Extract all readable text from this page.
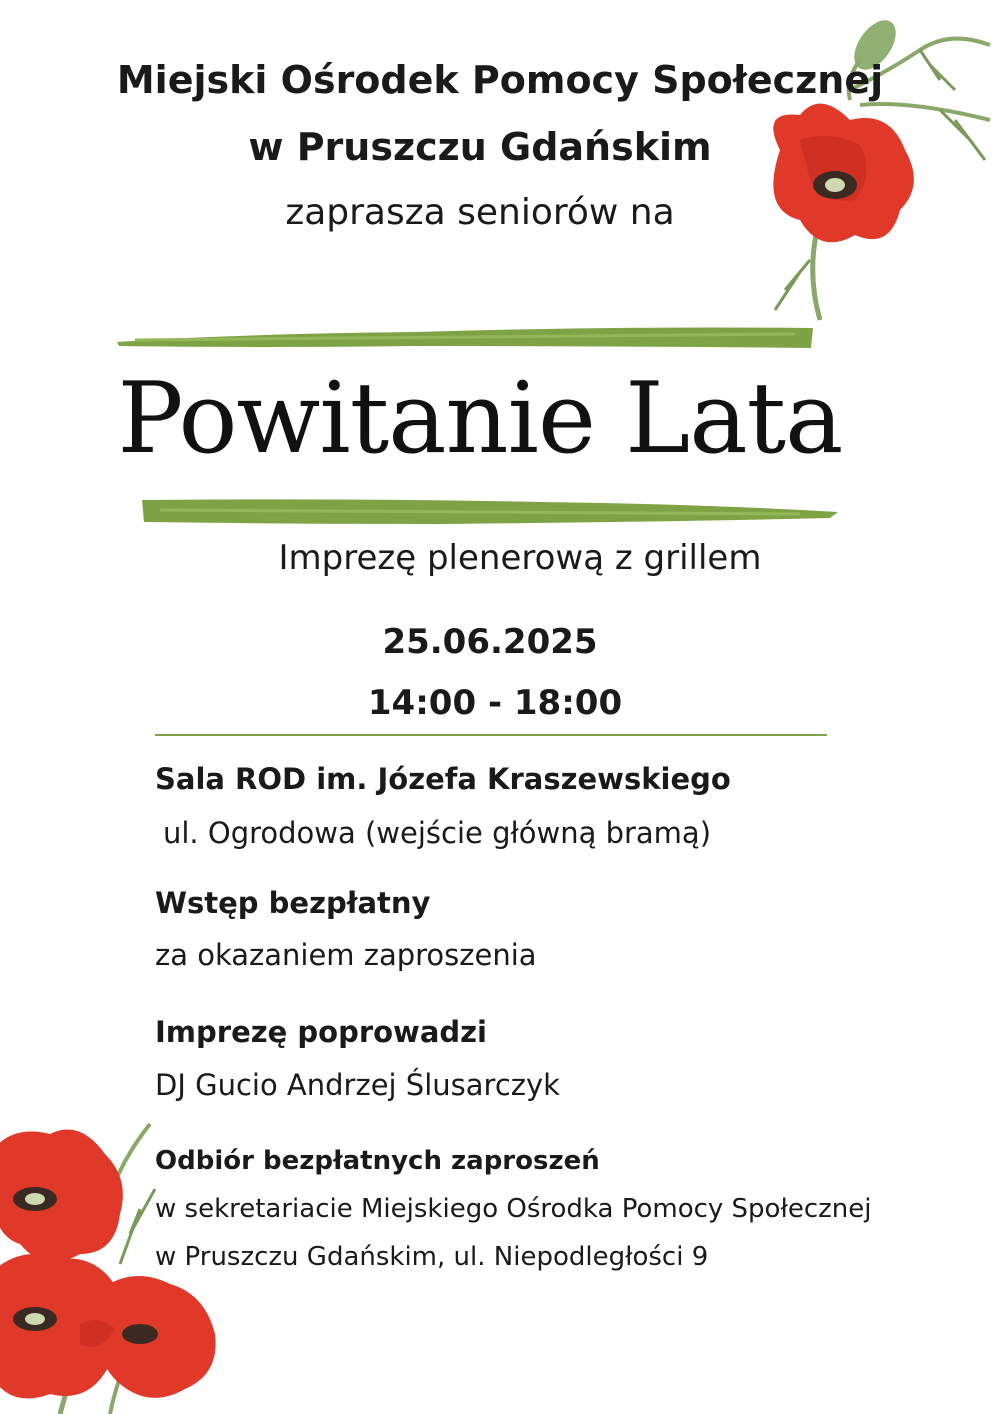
Miejski Ośrodek Pomocy Społecznej
w Pruszczu Gdańskim
zaprasza seniorów na
Powitanie Lata
Imprezę plenerową z grillem
25.06.2025
14:00 - 18:00
Sala ROD im. Józefa Kraszewskiego
ul. Ogrodowa (wejście główną bramą)
Wstęp bezpłatny
za okazaniem zaproszenia
Imprezę poprowadzi
DJ Gucio Andrzej Ślusarczyk
Odbiór bezpłatnych zaproszeń
w sekretariacie Miejskiego Ośrodka Pomocy Społecznej
w Pruszczu Gdańskim, ul. Niepodległości 9
